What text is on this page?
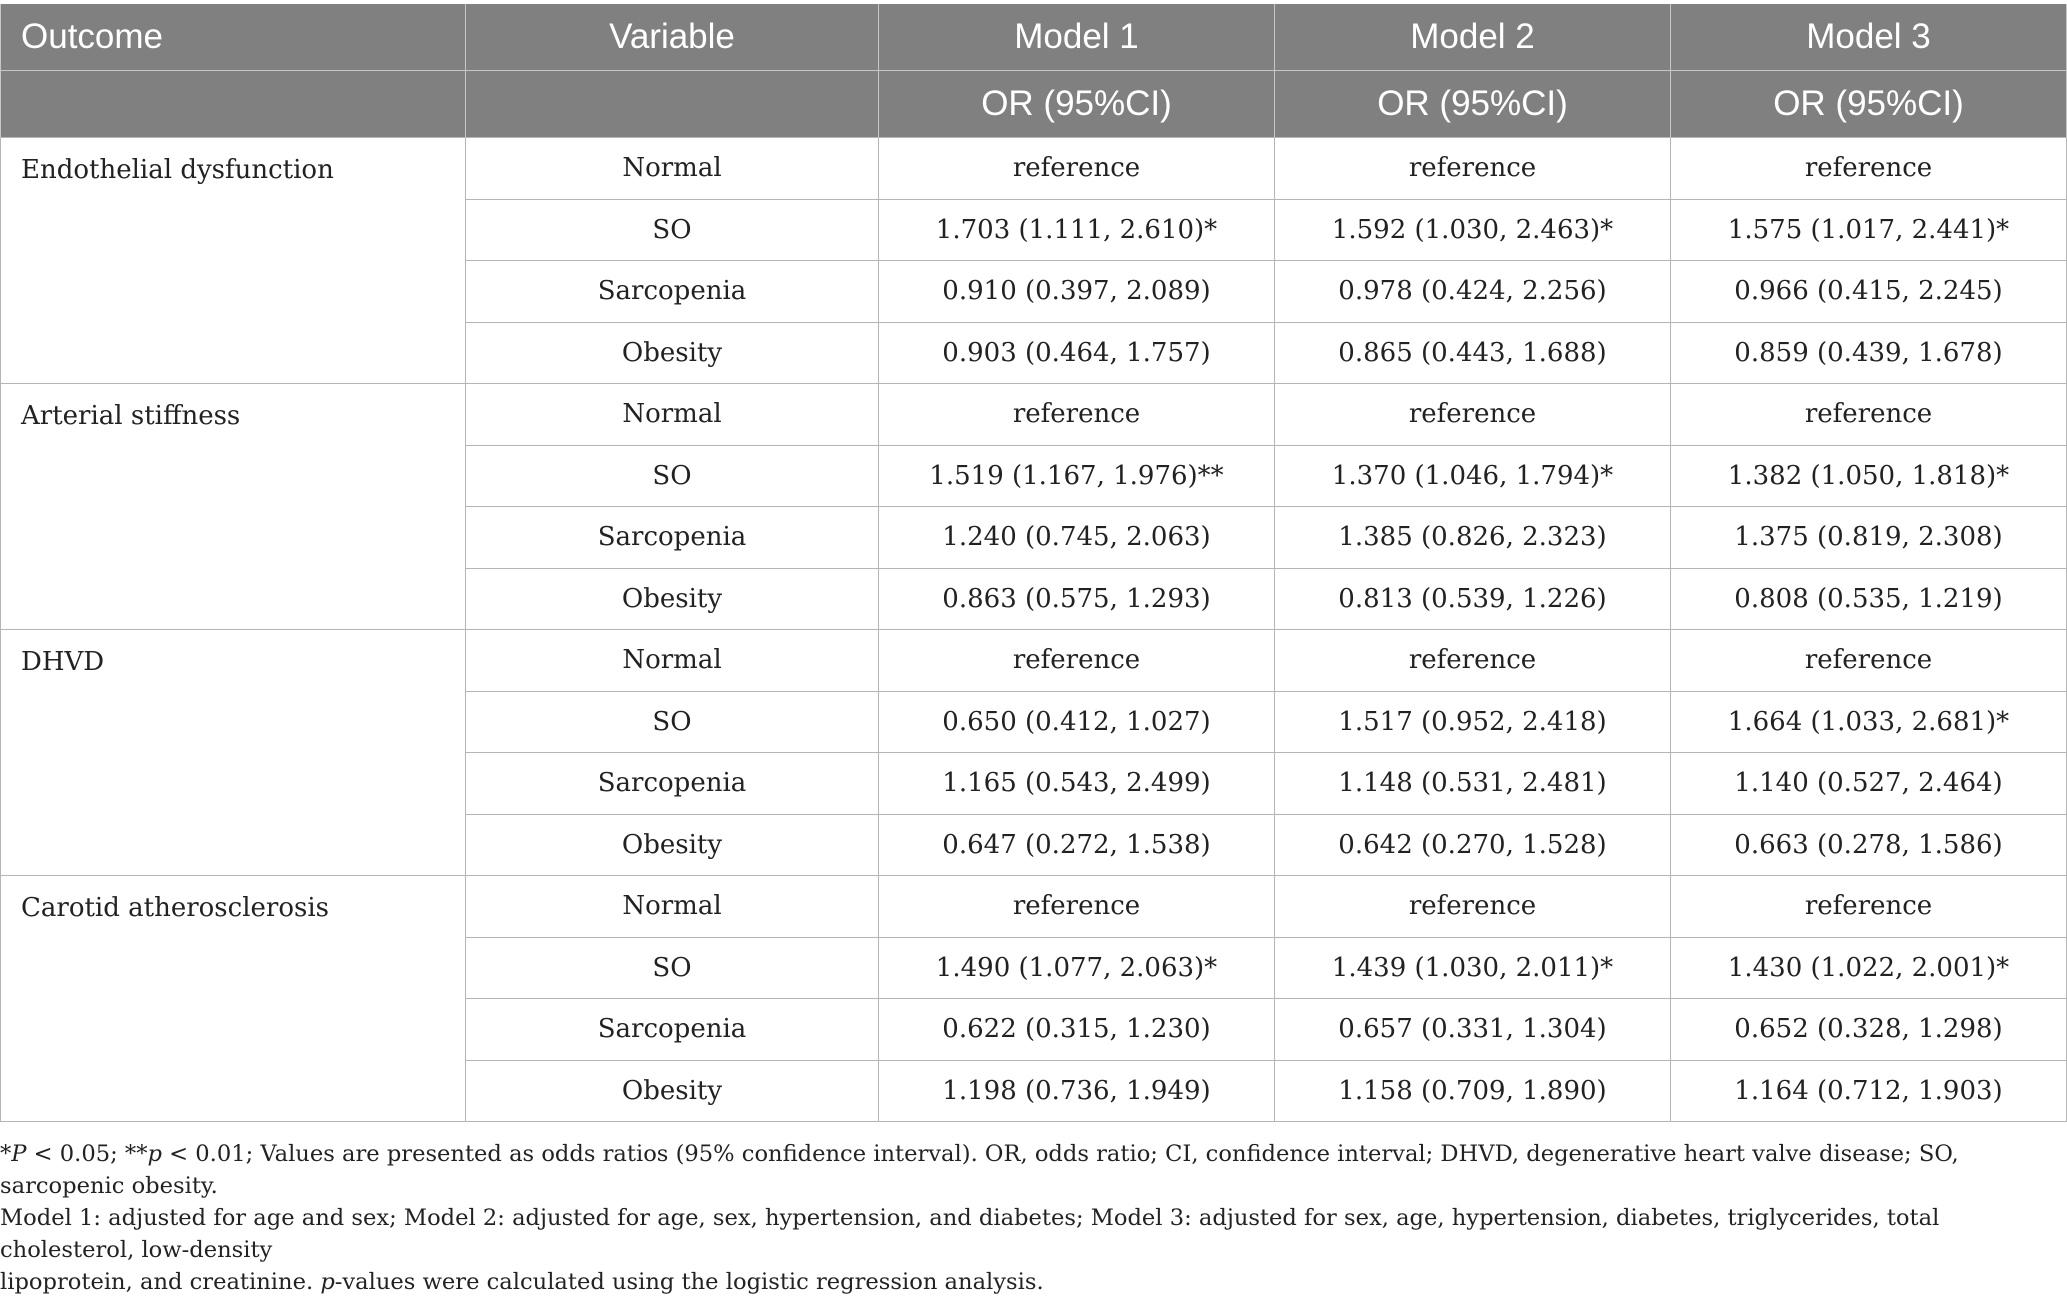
Outcome	Variable	Model 1	Model 2	Model 3
		OR (95%CI)	OR (95%CI)	OR (95%CI)
Endothelial dysfunction	Normal	reference	reference	reference
	SO	1.703 (1.111, 2.610)*	1.592 (1.030, 2.463)*	1.575 (1.017, 2.441)*
	Sarcopenia	0.910 (0.397, 2.089)	0.978 (0.424, 2.256)	0.966 (0.415, 2.245)
	Obesity	0.903 (0.464, 1.757)	0.865 (0.443, 1.688)	0.859 (0.439, 1.678)
Arterial stiffness	Normal	reference	reference	reference
	SO	1.519 (1.167, 1.976)**	1.370 (1.046, 1.794)*	1.382 (1.050, 1.818)*
	Sarcopenia	1.240 (0.745, 2.063)	1.385 (0.826, 2.323)	1.375 (0.819, 2.308)
	Obesity	0.863 (0.575, 1.293)	0.813 (0.539, 1.226)	0.808 (0.535, 1.219)
DHVD	Normal	reference	reference	reference
	SO	0.650 (0.412, 1.027)	1.517 (0.952, 2.418)	1.664 (1.033, 2.681)*
	Sarcopenia	1.165 (0.543, 2.499)	1.148 (0.531, 2.481)	1.140 (0.527, 2.464)
	Obesity	0.647 (0.272, 1.538)	0.642 (0.270, 1.528)	0.663 (0.278, 1.586)
Carotid atherosclerosis	Normal	reference	reference	reference
	SO	1.490 (1.077, 2.063)*	1.439 (1.030, 2.011)*	1.430 (1.022, 2.001)*
	Sarcopenia	0.622 (0.315, 1.230)	0.657 (0.331, 1.304)	0.652 (0.328, 1.298)
	Obesity	1.198 (0.736, 1.949)	1.158 (0.709, 1.890)	1.164 (0.712, 1.903)

*P < 0.05; **p < 0.01; Values are presented as odds ratios (95% confidence interval). OR, odds ratio; CI, confidence interval; DHVD, degenerative heart valve disease; SO, sarcopenic obesity.

Model 1: adjusted for age and sex; Model 2: adjusted for age, sex, hypertension, and diabetes; Model 3: adjusted for sex, age, hypertension, diabetes, triglycerides, total cholesterol, low-density

lipoprotein, and creatinine. p-values were calculated using the logistic regression analysis.
